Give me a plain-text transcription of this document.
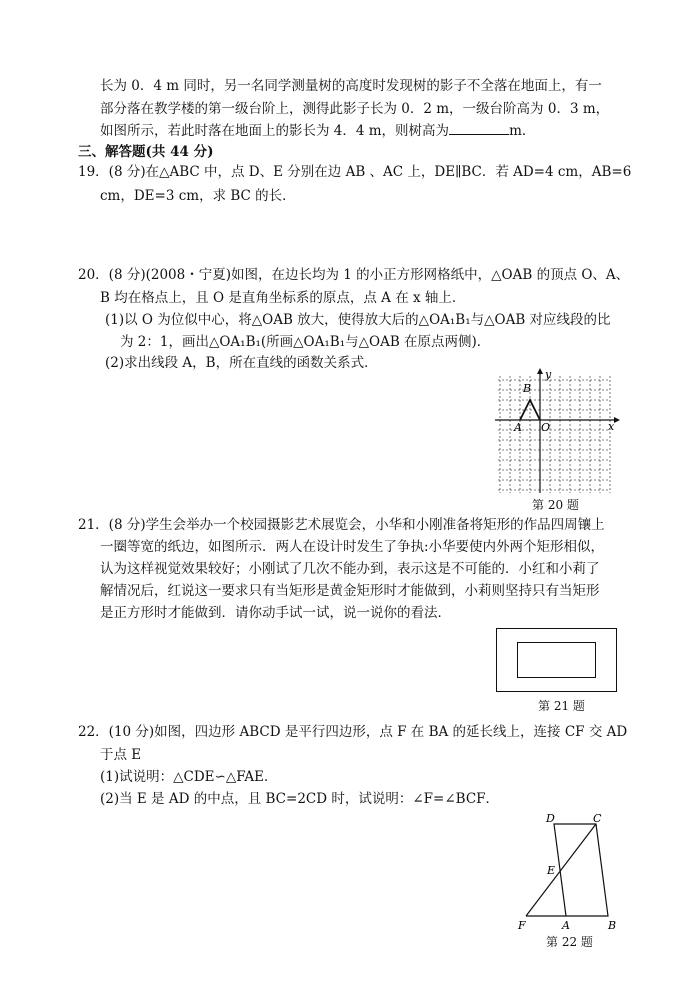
长为 0．4 m 同时，另一名同学测量树的高度时发现树的影子不全落在地面上，有一
部分落在教学楼的第一级台阶上，测得此影子长为 0．2 m，一级台阶高为 0．3 m，
如图所示，若此时落在地面上的影长为 4．4 m，则树高为	m．
三、解答题(共 44 分)
19．(8 分)在△ABC 中，点 D、E 分别在边 AB 、AC 上，DE∥BC．若 AD=4 cm，AB=6
cm，DE=3 cm，求 BC 的长．
20．(8 分)(2008・宁夏)如图，在边长均为 1 的小正方形网格纸中，△OAB 的顶点 O、A、
B 均在格点上，且 O 是直角坐标系的原点，点 A 在 x 轴上．
(1)以 O 为位似中心，将△OAB 放大，使得放大后的△OA₁B₁与△OAB 对应线段的比
为 2：1，画出△OA₁B₁(所画△OA₁B₁与△OAB 在原点两侧)．
(2)求出线段 A，B，所在直线的函数关系式．
B
A O	x
y
第 20 题
21．(8 分)学生会举办一个校园摄影艺术展览会，小华和小刚准备将矩形的作品四周镶上
一圈等宽的纸边，如图所示．两人在设计时发生了争执:小华要使内外两个矩形相似，
认为这样视觉效果较好；小刚试了几次不能办到，表示这是不可能的．小红和小莉了
解情况后，红说这一要求只有当矩形是黄金矩形时才能做到，小莉则坚持只有当矩形
是正方形时才能做到．请你动手试一试，说一说你的看法．
第 21 题
22．(10 分)如图，四边形 ABCD 是平行四边形，点 F 在 BA 的延长线上，连接 CF 交 AD
于点 E
(1)试说明：△CDE∽△FAE．
(2)当 E 是 AD 的中点，且 BC=2CD 时，试说明：∠F=∠BCF．
D	C
E
F	A	B
第 22 题
